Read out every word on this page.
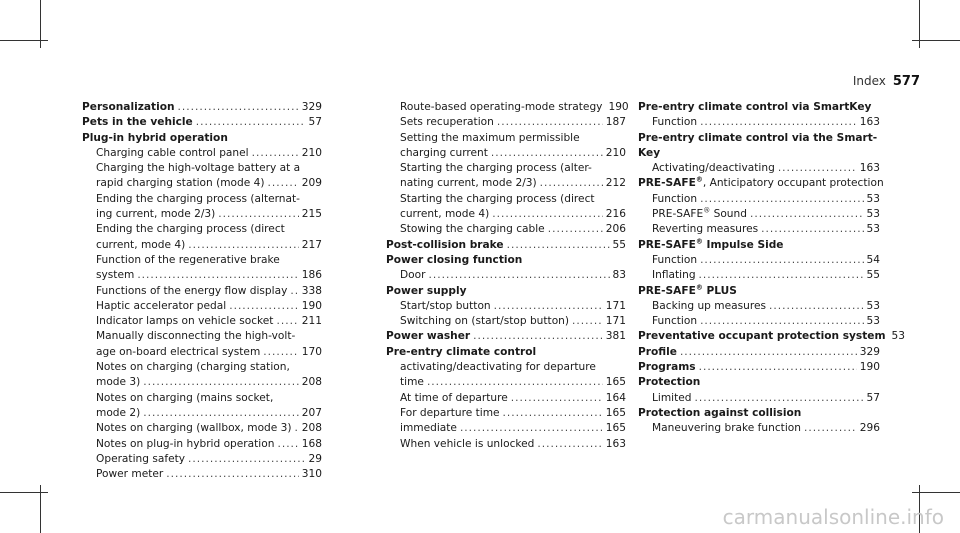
Index 577
Personalization .....	329
Pets in the vehicle .....	57
Plug-in hybrid operation
Charging cable control panel .....	210
Charging the high-voltage battery at a
rapid charging station (mode 4) .....	209
Ending the charging process (alternat-
ing current, mode 2/3) .....	215
Ending the charging process (direct
current, mode 4) .....	217
Function of the regenerative brake
system .....	186
Functions of the energy flow display ..... 338
Haptic accelerator pedal .....	190
Indicator lamps on vehicle socket .....	211
Manually disconnecting the high-volt-
age on-board electrical system .....	170
Notes on charging (charging station,
mode 3) .....	208
Notes on charging (mains socket,
mode 2) .....	207
Notes on charging (wallbox, mode 3) ..... 208
Notes on plug-in hybrid operation .....	168
Operating safety .....	29
Power meter .....	310
Route-based operating-mode strategy 190
Sets recuperation .....	187
Setting the maximum permissible
charging current .....	210
Starting the charging process (alter-
nating current, mode 2/3) .....	212
Starting the charging process (direct
current, mode 4) .....	216
Stowing the charging cable .....	206
Post-collision brake .....	55
Power closing function
Door .....	83
Power supply
Start/stop button .....	171
Switching on (start/stop button) .....	171
Power washer .....	381
Pre-entry climate control
activating/deactivating for departure
time .....	165
At time of departure .....	164
For departure time .....	165
immediate .....	165
When vehicle is unlocked .....	163
Pre-entry climate control via SmartKey
Function .....	163
Pre-entry climate control via the Smart-
Key
Activating/deactivating .....	163
PRE-SAFE®, Anticipatory occupant protection
Function .....	53
PRE-SAFE® Sound .....	53
Reverting measures .....	53
PRE-SAFE® Impulse Side
Function .....	54
Inflating .....	55
PRE-SAFE® PLUS
Backing up measures .....	53
Function .....	53
Preventative occupant protection system 53
Profile .....	329
Programs .....	190
Protection
Limited .....	57
Protection against collision
Maneuvering brake function .....	296
carmanualsonline.info
